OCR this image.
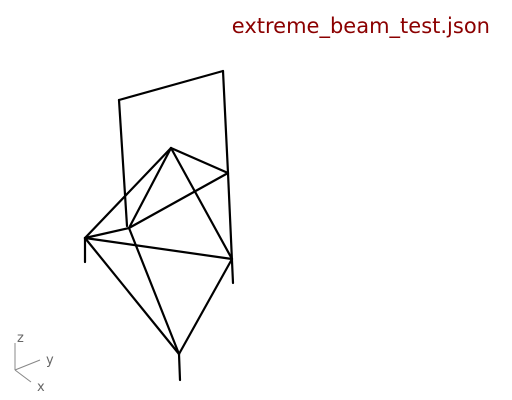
extreme_beam_test.json
z
y
x
